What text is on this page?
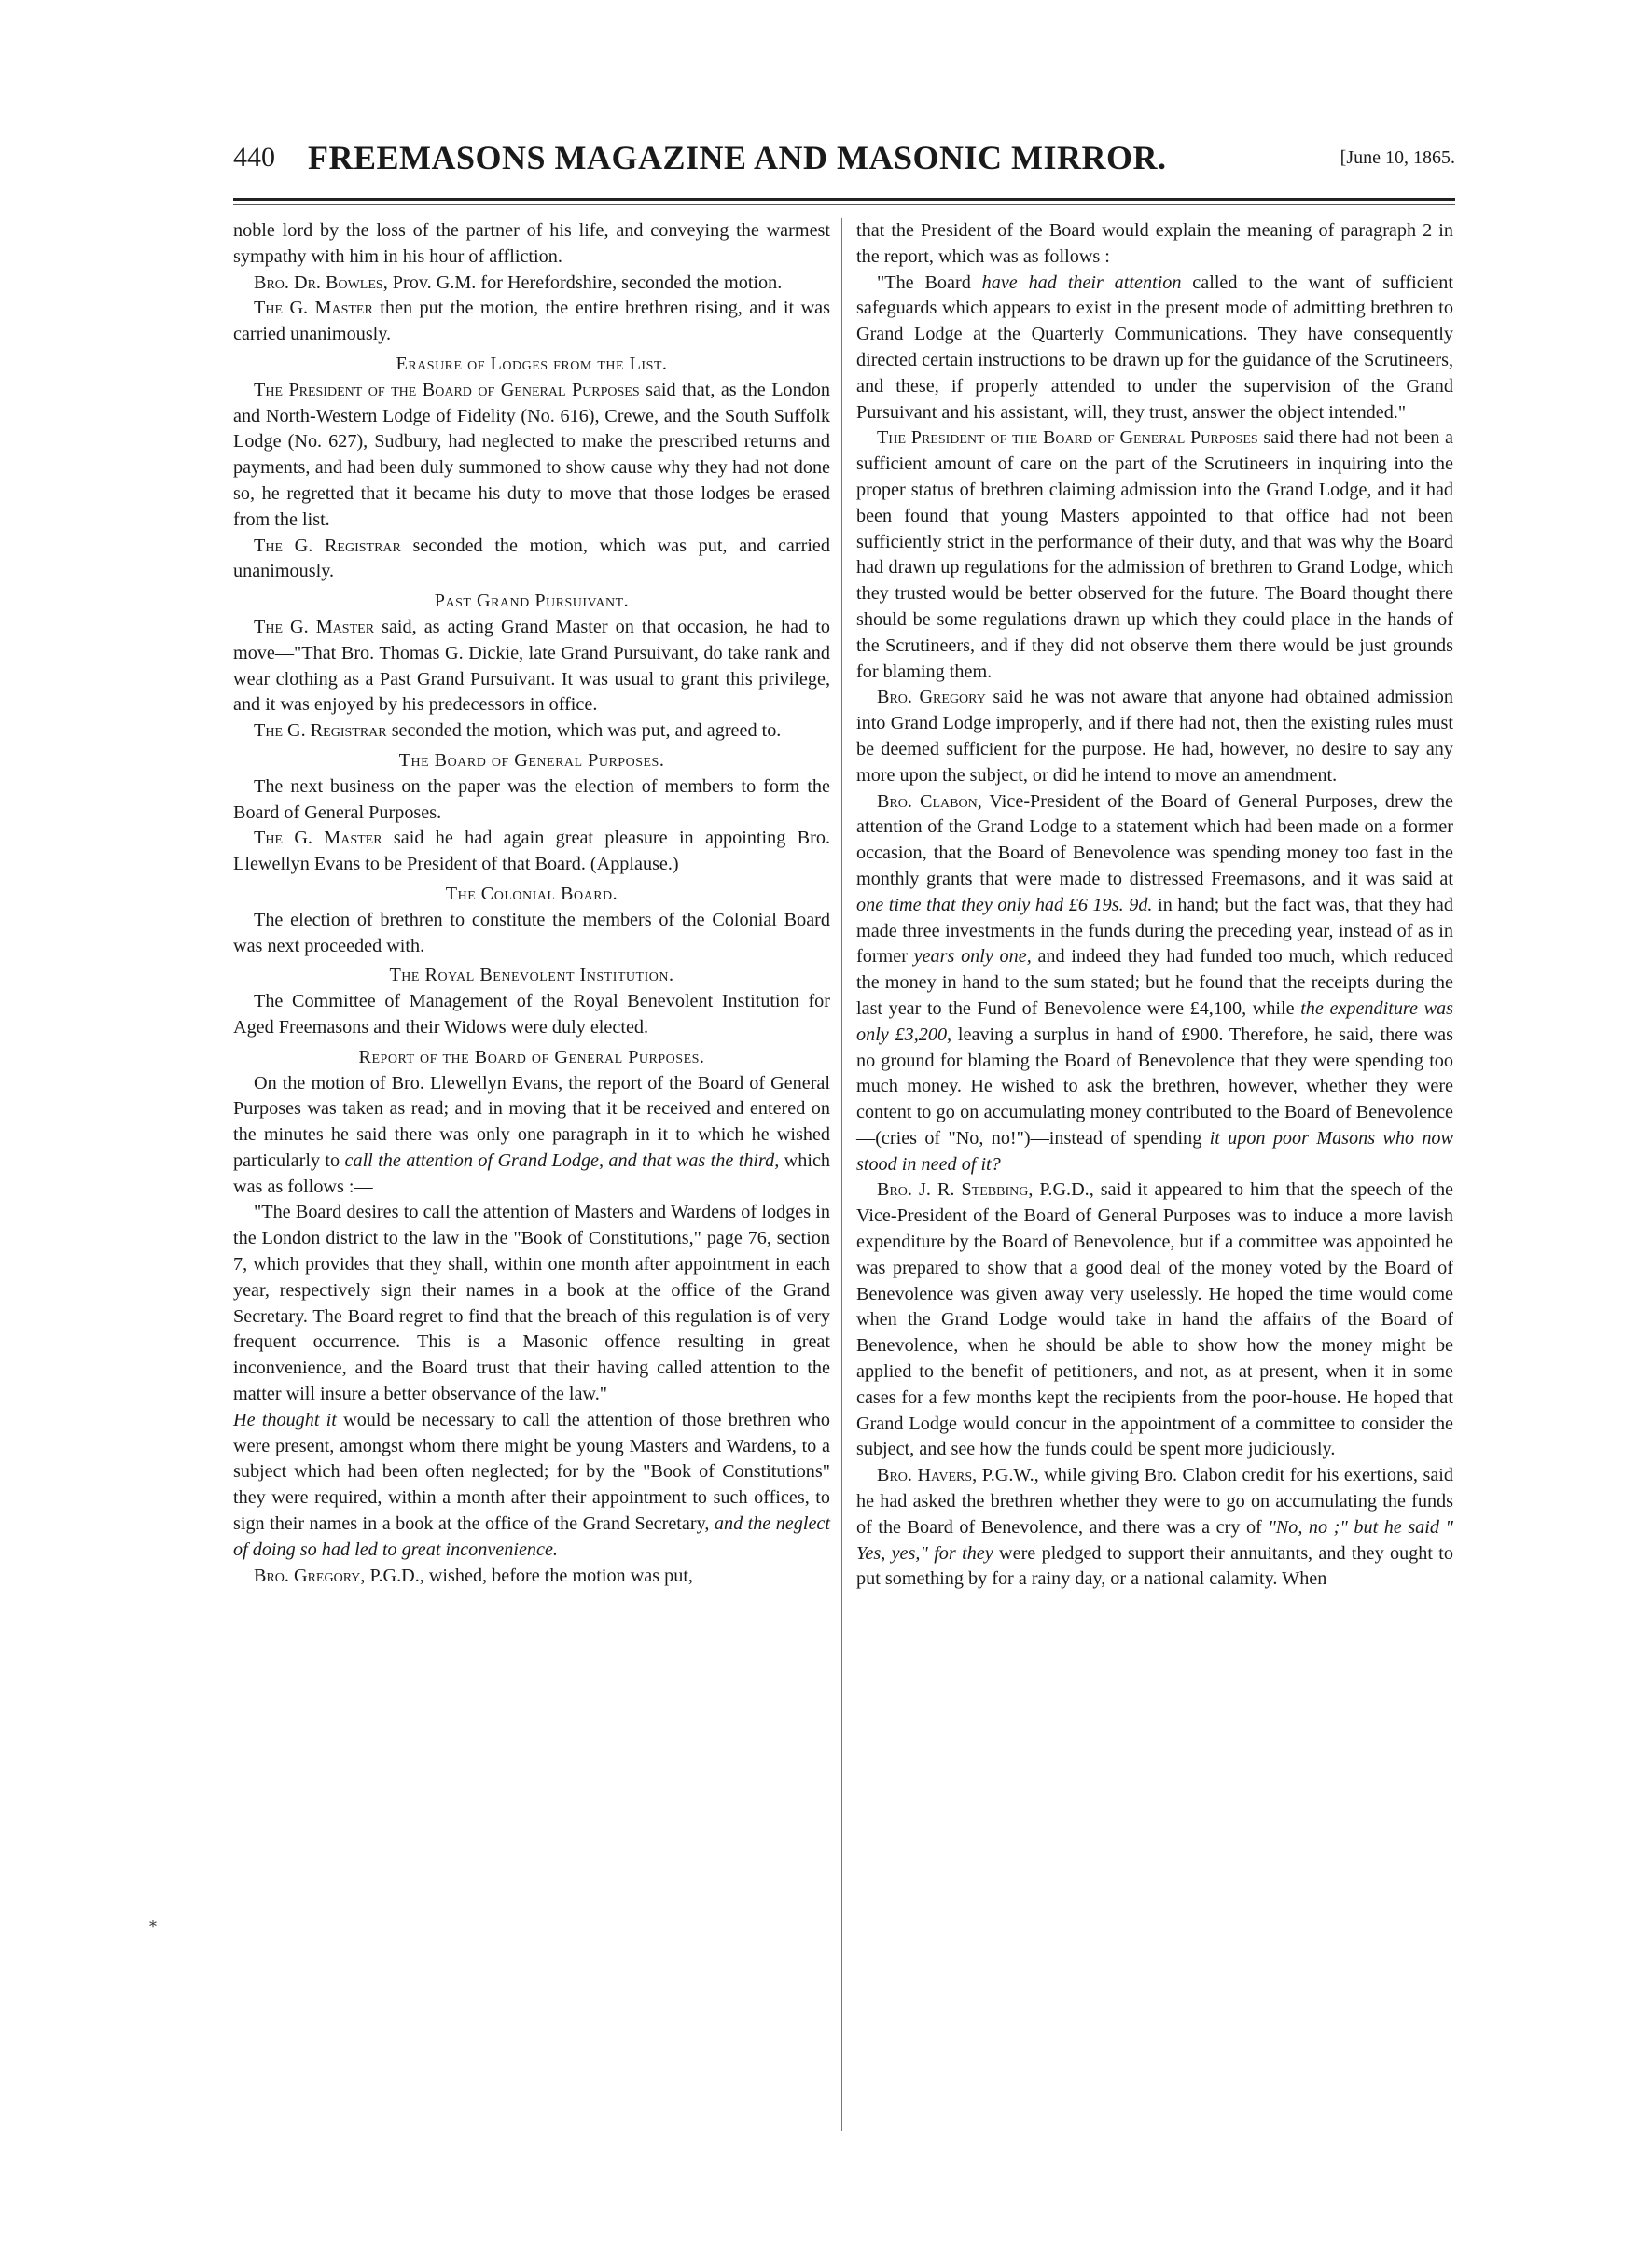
440 FREEMASONS MAGAZINE AND MASONIC MIRROR.	[June 10, 1865.
*

noble lord by the loss of the partner of his life, and conveying the warmest sympathy with him in his hour of affliction.

Bro. Dr. Bowles, Prov. G.M. for Herefordshire, seconded the motion.

The G. Master then put the motion, the entire brethren rising, and it was carried unanimously.

Erasure of Lodges from the List.

The President of the Board of General Purposes said that, as the London and North-Western Lodge of Fidelity (No. 616), Crewe, and the South Suffolk Lodge (No. 627), Sudbury, had neglected to make the prescribed returns and payments, and had been duly summoned to show cause why they had not done so, he regretted that it became his duty to move that those lodges be erased from the list.

The G. Registrar seconded the motion, which was put, and carried unanimously.

Past Grand Pursuivant.

The G. Master said, as acting Grand Master on that occasion, he had to move—"That Bro. Thomas G. Dickie, late Grand Pursuivant, do take rank and wear clothing as a Past Grand Pursuivant. It was usual to grant this privilege, and it was enjoyed by his predecessors in office.

The G. Registrar seconded the motion, which was put, and agreed to.

The Board of General Purposes.

The next business on the paper was the election of members to form the Board of General Purposes.

The G. Master said he had again great pleasure in appointing Bro. Llewellyn Evans to be President of that Board. (Applause.)

The Colonial Board.

The election of brethren to constitute the members of the Colonial Board was next proceeded with.

The Royal Benevolent Institution.

The Committee of Management of the Royal Benevolent Institution for Aged Freemasons and their Widows were duly elected.

Report of the Board of General Purposes.

On the motion of Bro. Llewellyn Evans, the report of the Board of General Purposes was taken as read; and in moving that it be received and entered on the minutes he said there was only one paragraph in it to which he wished particularly to call the attention of Grand Lodge, and that was the third, which was as follows :—

"The Board desires to call the attention of Masters and Wardens of lodges in the London district to the law in the "Book of Constitutions," page 76, section 7, which provides that they shall, within one month after appointment in each year, respectively sign their names in a book at the office of the Grand Secretary. The Board regret to find that the breach of this regulation is of very frequent occurrence. This is a Masonic offence resulting in great inconvenience, and the Board trust that their having called attention to the matter will insure a better observance of the law."

He thought it would be necessary to call the attention of those brethren who were present, amongst whom there might be young Masters and Wardens, to a subject which had been often neglected; for by the "Book of Constitutions" they were required, within a month after their appointment to such offices, to sign their names in a book at the office of the Grand Secretary, and the neglect of doing so had led to great inconvenience.

Bro. Gregory, P.G.D., wished, before the motion was put,

that the President of the Board would explain the meaning of paragraph 2 in the report, which was as follows :—

"The Board have had their attention called to the want of sufficient safeguards which appears to exist in the present mode of admitting brethren to Grand Lodge at the Quarterly Communications. They have consequently directed certain instructions to be drawn up for the guidance of the Scrutineers, and these, if properly attended to under the supervision of the Grand Pursuivant and his assistant, will, they trust, answer the object intended."

The President of the Board of General Purposes said there had not been a sufficient amount of care on the part of the Scrutineers in inquiring into the proper status of brethren claiming admission into the Grand Lodge, and it had been found that young Masters appointed to that office had not been sufficiently strict in the performance of their duty, and that was why the Board had drawn up regulations for the admission of brethren to Grand Lodge, which they trusted would be better observed for the future. The Board thought there should be some regulations drawn up which they could place in the hands of the Scrutineers, and if they did not observe them there would be just grounds for blaming them.

Bro. Gregory said he was not aware that anyone had obtained admission into Grand Lodge improperly, and if there had not, then the existing rules must be deemed sufficient for the purpose. He had, however, no desire to say any more upon the subject, or did he intend to move an amendment.

Bro. Clabon, Vice-President of the Board of General Purposes, drew the attention of the Grand Lodge to a statement which had been made on a former occasion, that the Board of Benevolence was spending money too fast in the monthly grants that were made to distressed Freemasons, and it was said at one time that they only had £6 19s. 9d. in hand; but the fact was, that they had made three investments in the funds during the preceding year, instead of as in former years only one, and indeed they had funded too much, which reduced the money in hand to the sum stated; but he found that the receipts during the last year to the Fund of Benevolence were £4,100, while the expenditure was only £3,200, leaving a surplus in hand of £900. Therefore, he said, there was no ground for blaming the Board of Benevolence that they were spending too much money. He wished to ask the brethren, however, whether they were content to go on accumulating money contributed to the Board of Benevolence—(cries of "No, no!")—instead of spending it upon poor Masons who now stood in need of it?

Bro. J. R. Stebbing, P.G.D., said it appeared to him that the speech of the Vice-President of the Board of General Purposes was to induce a more lavish expenditure by the Board of Benevolence, but if a committee was appointed he was prepared to show that a good deal of the money voted by the Board of Benevolence was given away very uselessly. He hoped the time would come when the Grand Lodge would take in hand the affairs of the Board of Benevolence, when he should be able to show how the money might be applied to the benefit of petitioners, and not, as at present, when it in some cases for a few months kept the recipients from the poor-house. He hoped that Grand Lodge would concur in the appointment of a committee to consider the subject, and see how the funds could be spent more judiciously.

Bro. Havers, P.G.W., while giving Bro. Clabon credit for his exertions, said he had asked the brethren whether they were to go on accumulating the funds of the Board of Benevolence, and there was a cry of "No, no ;" but he said " Yes, yes," for they were pledged to support their annuitants, and they ought to put something by for a rainy day, or a national calamity. When
